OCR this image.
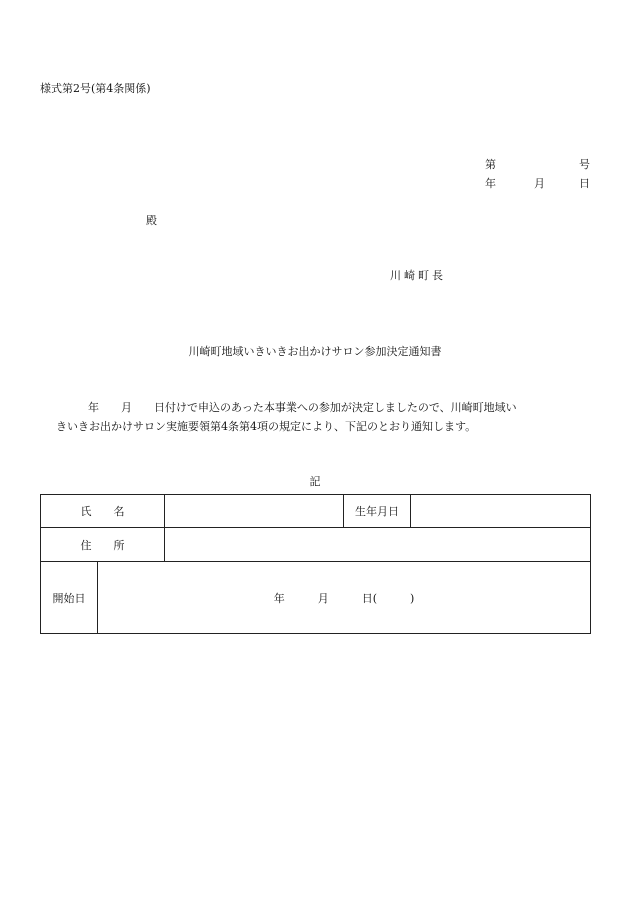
様式第2号(第4条関係)
第	号
年	月	日
殿
川崎町長
川崎町地域いきいきお出かけサロン参加決定通知書
年　　月　　日付けで申込のあった本事業への参加が決定しましたので、川崎町地域い
きいきお出かけサロン実施要領第4条第4項の規定により、下記のとおり通知します。
記
氏　　名			生年月日	
住　　所				
開始日	年　　　月　　　日(　　　)			
